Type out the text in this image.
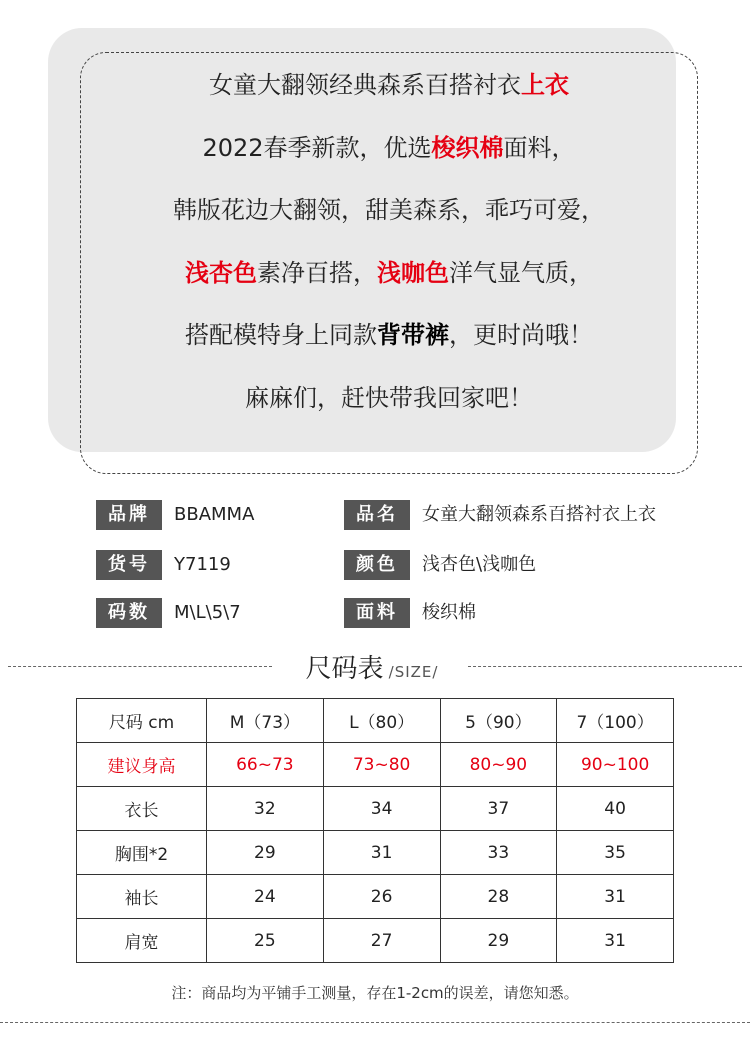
女童大翻领经典森系百搭衬衣上衣
2022春季新款，优选梭织棉面料，
韩版花边大翻领，甜美森系，乖巧可爱，
浅杏色素净百搭，浅咖色洋气显气质，
搭配模特身上同款背带裤，更时尚哦！
麻麻们，赶快带我回家吧！
品牌	BBAMMA	品名	女童大翻领森系百搭衬衣上衣
货号	Y7119	颜色	浅杏色\浅咖色
码数	M\L\5\7	面料	梭织棉
尺码表 /SIZE/
尺码 cm	M（73）	L（80）	5（90）	7（100）
建议身高	66~73	73~80	80~90	90~100
衣长	32	34	37	40
胸围*2	29	31	33	35
袖长	24	26	28	31
肩宽	25	27	29	31
注：商品均为平铺手工测量，存在1-2cm的误差，请您知悉。
